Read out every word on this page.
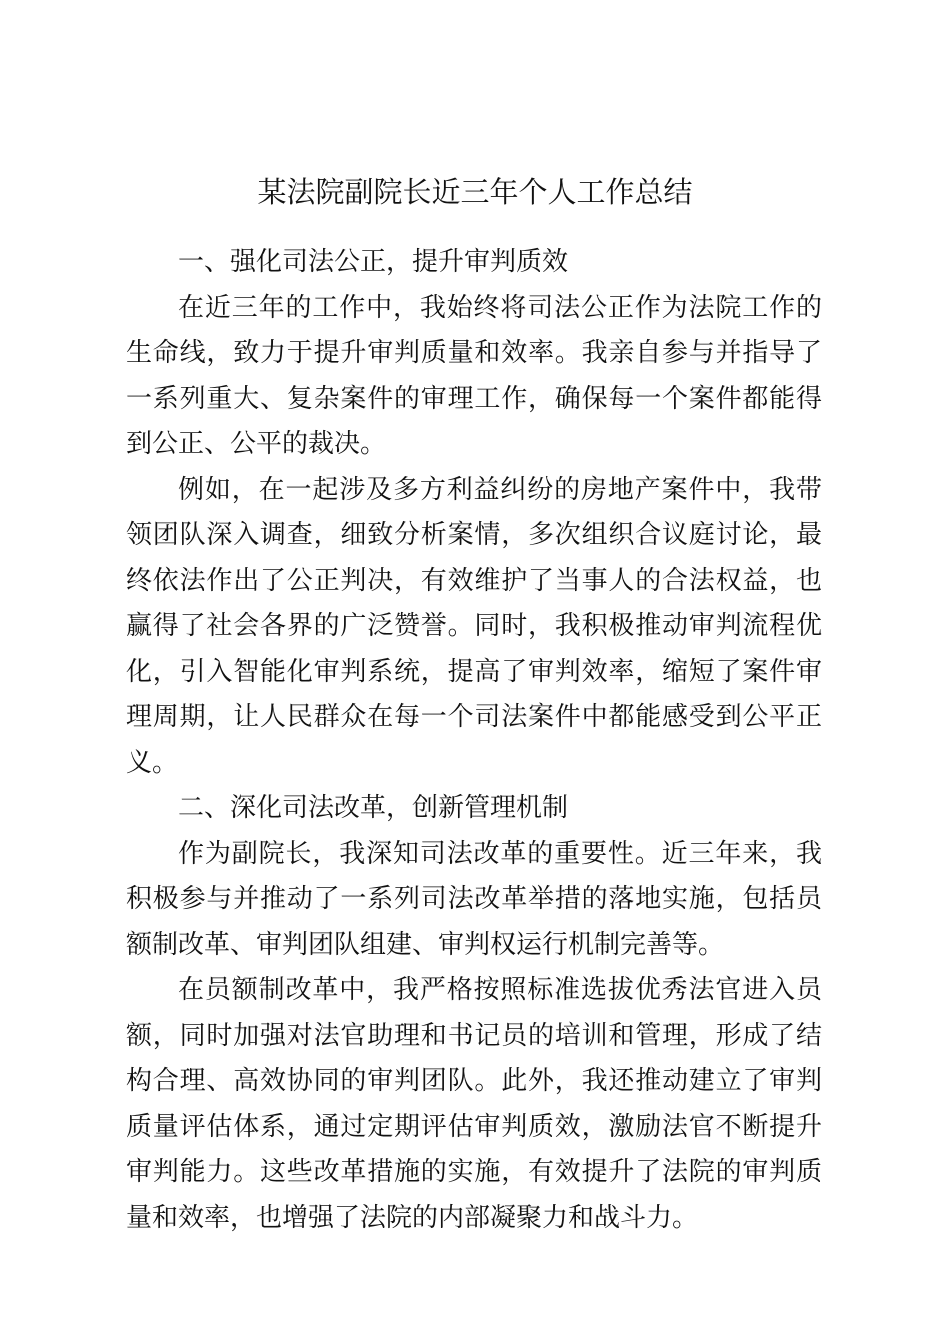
某法院副院长近三年个人工作总结

一、强化司法公正，提升审判质效

在近三年的工作中，我始终将司法公正作为法院工作的生命线，致力于提升审判质量和效率。我亲自参与并指导了一系列重大、复杂案件的审理工作，确保每一个案件都能得到公正、公平的裁决。

例如，在一起涉及多方利益纠纷的房地产案件中，我带领团队深入调查，细致分析案情，多次组织合议庭讨论，最终依法作出了公正判决，有效维护了当事人的合法权益，也赢得了社会各界的广泛赞誉。同时，我积极推动审判流程优化，引入智能化审判系统，提高了审判效率，缩短了案件审理周期，让人民群众在每一个司法案件中都能感受到公平正义。

二、深化司法改革，创新管理机制

作为副院长，我深知司法改革的重要性。近三年来，我积极参与并推动了一系列司法改革举措的落地实施，包括员额制改革、审判团队组建、审判权运行机制完善等。

在员额制改革中，我严格按照标准选拔优秀法官进入员额，同时加强对法官助理和书记员的培训和管理，形成了结构合理、高效协同的审判团队。此外，我还推动建立了审判质量评估体系，通过定期评估审判质效，激励法官不断提升审判能力。这些改革措施的实施，有效提升了法院的审判质量和效率，也增强了法院的内部凝聚力和战斗力。
